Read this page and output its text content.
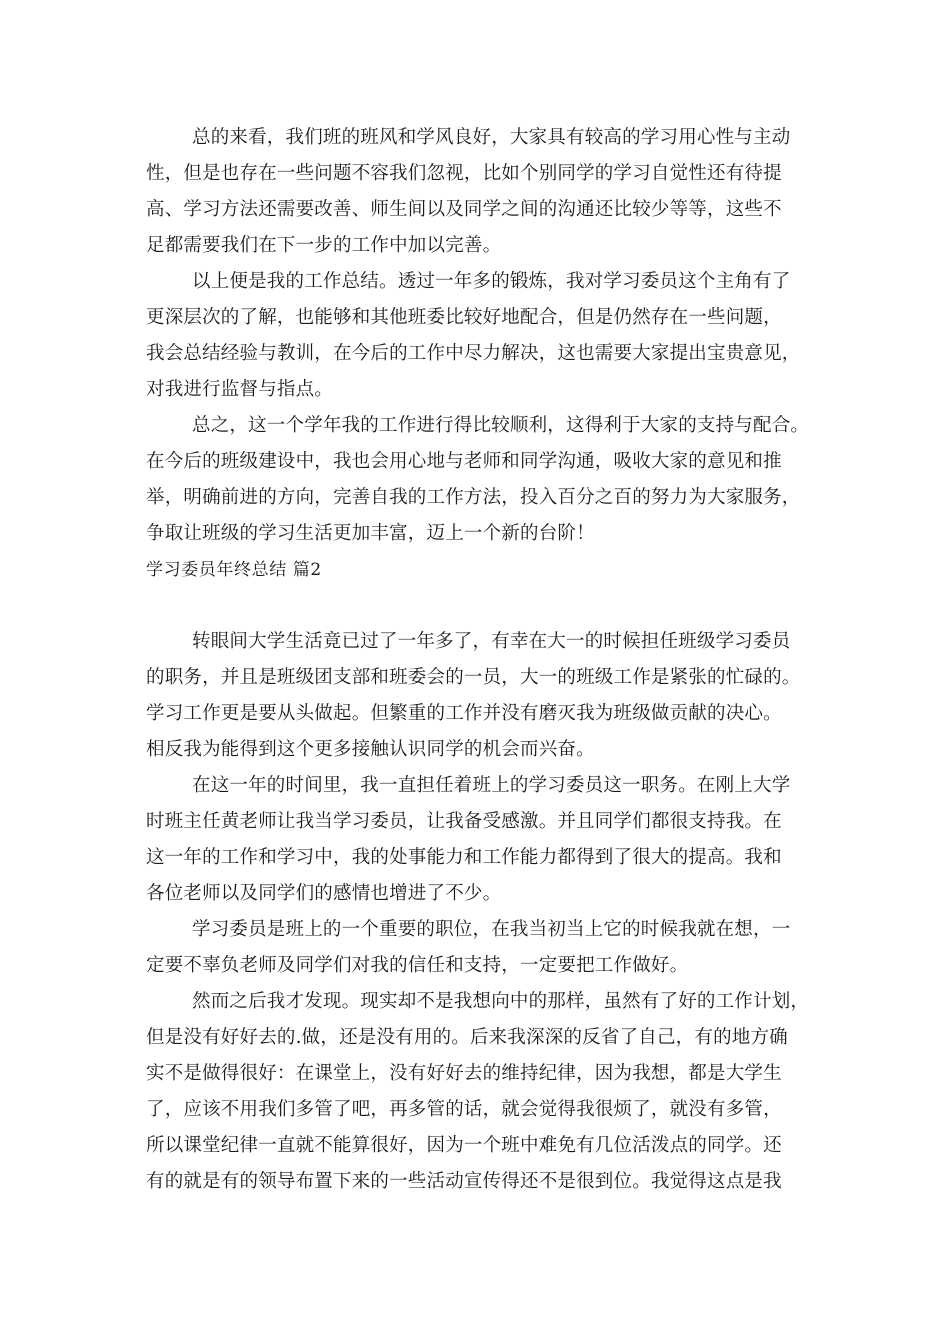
总的来看，我们班的班风和学风良好，大家具有较高的学习用心性与主动
性，但是也存在一些问题不容我们忽视，比如个别同学的学习自觉性还有待提
高、学习方法还需要改善、师生间以及同学之间的沟通还比较少等等，这些不
足都需要我们在下一步的工作中加以完善。
以上便是我的工作总结。透过一年多的锻炼，我对学习委员这个主角有了
更深层次的了解，也能够和其他班委比较好地配合，但是仍然存在一些问题，
我会总结经验与教训，在今后的工作中尽力解决，这也需要大家提出宝贵意见，
对我进行监督与指点。
总之，这一个学年我的工作进行得比较顺利，这得利于大家的支持与配合。
在今后的班级建设中，我也会用心地与老师和同学沟通，吸收大家的意见和推
举，明确前进的方向，完善自我的工作方法，投入百分之百的努力为大家服务，
争取让班级的学习生活更加丰富，迈上一个新的台阶！
学习委员年终总结 篇2
转眼间大学生活竟已过了一年多了，有幸在大一的时候担任班级学习委员
的职务，并且是班级团支部和班委会的一员，大一的班级工作是紧张的忙碌的。
学习工作更是要从头做起。但繁重的工作并没有磨灭我为班级做贡献的决心。
相反我为能得到这个更多接触认识同学的机会而兴奋。
在这一年的时间里，我一直担任着班上的学习委员这一职务。在刚上大学
时班主任黄老师让我当学习委员，让我备受感激。并且同学们都很支持我。在
这一年的工作和学习中，我的处事能力和工作能力都得到了很大的提高。我和
各位老师以及同学们的感情也增进了不少。
学习委员是班上的一个重要的职位，在我当初当上它的时候我就在想，一
定要不辜负老师及同学们对我的信任和支持，一定要把工作做好。
然而之后我才发现。现实却不是我想向中的那样，虽然有了好的工作计划，
但是没有好好去的.做，还是没有用的。后来我深深的反省了自己，有的地方确
实不是做得很好：在课堂上，没有好好去的维持纪律，因为我想，都是大学生
了，应该不用我们多管了吧，再多管的话，就会觉得我很烦了，就没有多管，
所以课堂纪律一直就不能算很好，因为一个班中难免有几位活泼点的同学。还
有的就是有的领导布置下来的一些活动宣传得还不是很到位。我觉得这点是我
